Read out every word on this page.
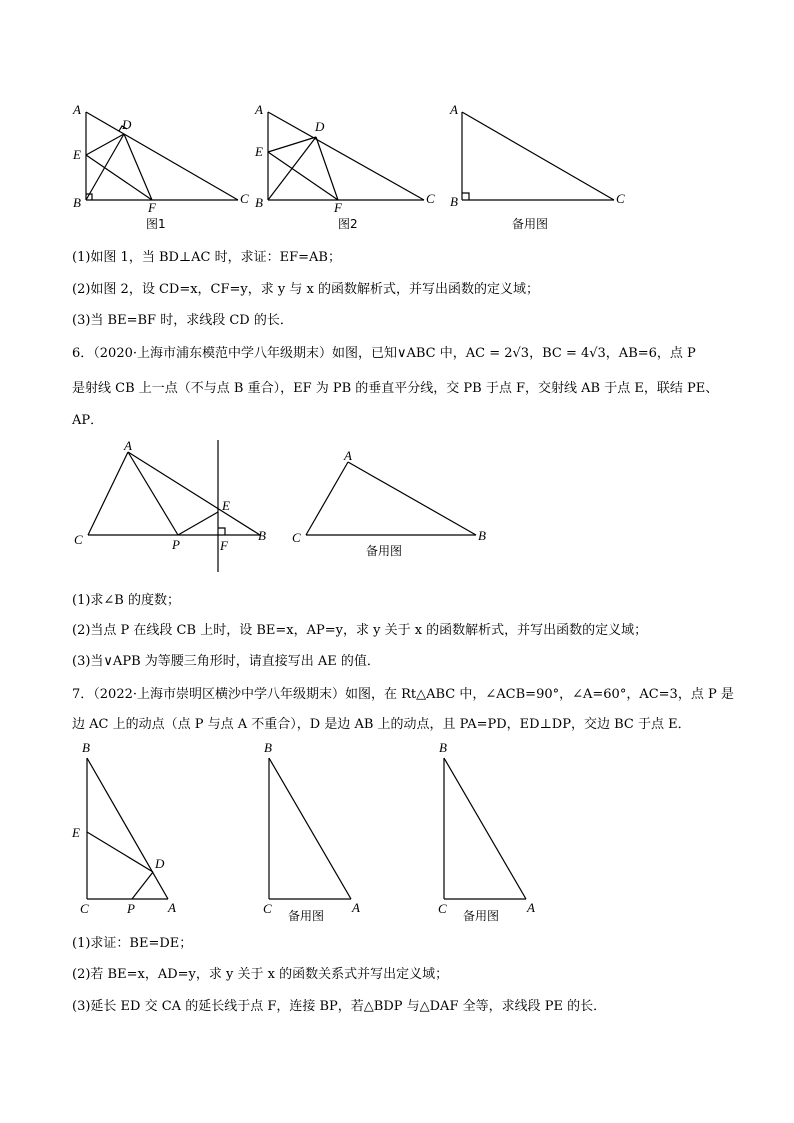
A
D
E
B	F
C
图1
A
D
E
B	F
C
图2
A
B	C
备用图
(1)如图 1，当 BD⊥AC 时，求证：EF=AB；
(2)如图 2，设 CD=x，CF=y，求 y 与 x 的函数解析式，并写出函数的定义域；
(3)当 BE=BF 时，求线段 CD 的长．
6．（2020·上海市浦东模范中学八年级期末）如图，已知∨ABC 中，AC = 2√3，BC = 4√3，AB=6，点 P
是射线 CB 上一点（不与点 B 重合），EF 为 PB 的垂直平分线，交 PB 于点 F，交射线 AB 于点 E，联结 PE、
AP．
A
E
C	P	F
B
A
C	B
备用图
(1)求∠B 的度数；
(2)当点 P 在线段 CB 上时，设 BE=x，AP=y，求 y 关于 x 的函数解析式，并写出函数的定义域；
(3)当∨APB 为等腰三角形时，请直接写出 AE 的值．
7．（2022·上海市崇明区横沙中学八年级期末）如图，在 Rt△ABC 中，∠ACB=90°，∠A=60°，AC=3，点 P 是
边 AC 上的动点（点 P 与点 A 不重合），D 是边 AB 上的动点，且 PA=PD，ED⊥DP，交边 BC 于点 E．
B
E
D
C	P	A
B
C	A
备用图
B
C	A
备用图
(1)求证：BE=DE；
(2)若 BE=x，AD=y，求 y 关于 x 的函数关系式并写出定义域；
(3)延长 ED 交 CA 的延长线于点 F，连接 BP，若△BDP 与△DAF 全等，求线段 PE 的长．
